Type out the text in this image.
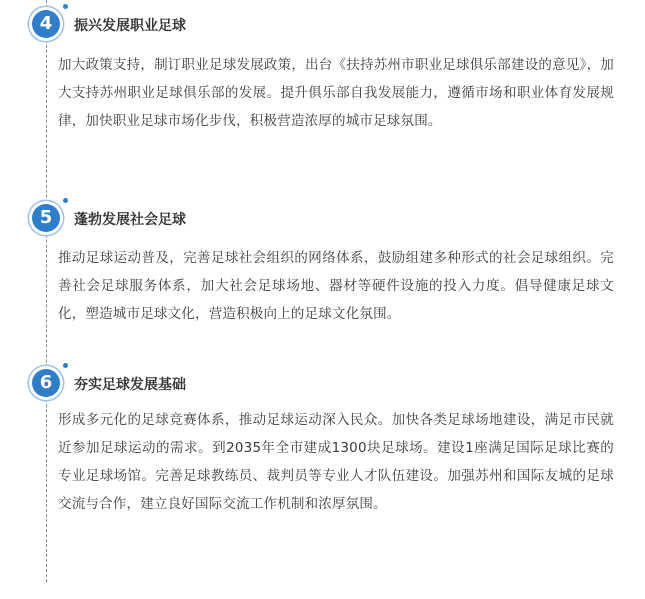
4	振兴发展职业足球
加大政策支持，制订职业足球发展政策，出台《扶持苏州市职业足球俱乐部建设的意见》，加大支持苏州职业足球俱乐部的发展。提升俱乐部自我发展能力，遵循市场和职业体育发展规律，加快职业足球市场化步伐，积极营造浓厚的城市足球氛围。
5	蓬勃发展社会足球
推动足球运动普及，完善足球社会组织的网络体系，鼓励组建多种形式的社会足球组织。完善社会足球服务体系，加大社会足球场地、器材等硬件设施的投入力度。倡导健康足球文化，塑造城市足球文化，营造积极向上的足球文化氛围。
6	夯实足球发展基础
形成多元化的足球竞赛体系，推动足球运动深入民众。加快各类足球场地建设，满足市民就近参加足球运动的需求。到2035年全市建成1300块足球场。建设1座满足国际足球比赛的专业足球场馆。完善足球教练员、裁判员等专业人才队伍建设。加强苏州和国际友城的足球交流与合作，建立良好国际交流工作机制和浓厚氛围。
